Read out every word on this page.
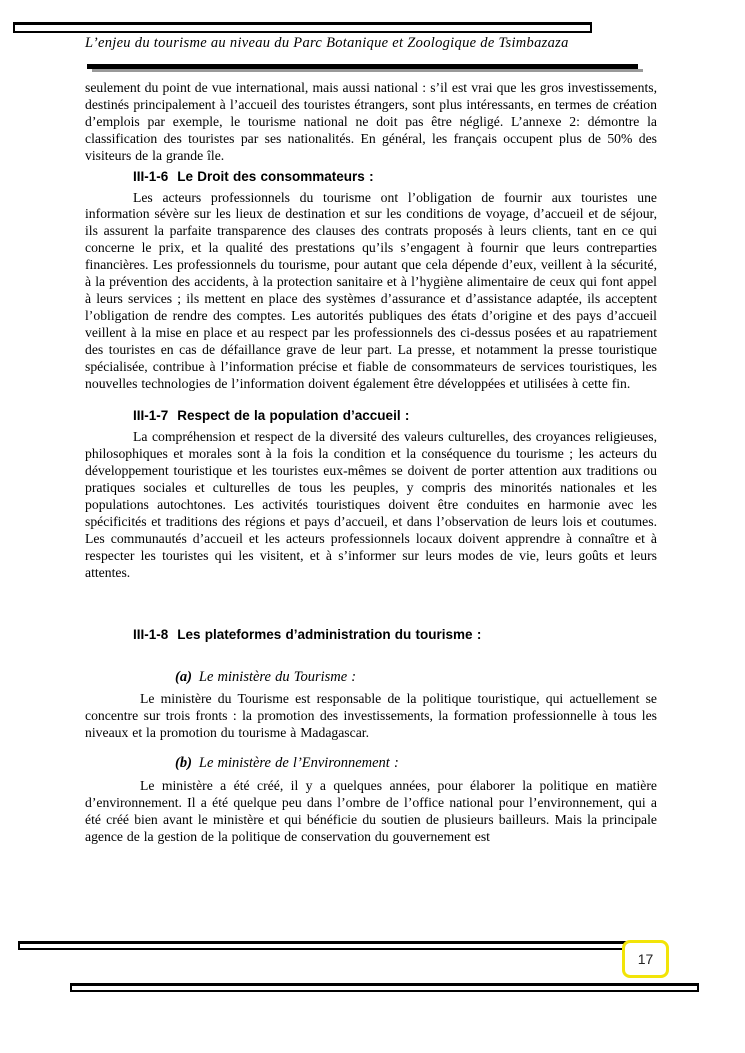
L’enjeu du tourisme au niveau du Parc Botanique et Zoologique de Tsimbazaza

seulement du point de vue international, mais aussi national : s’il est vrai que les gros investissements, destinés principalement à l’accueil des touristes étrangers, sont plus intéressants, en termes de création d’emplois par exemple, le tourisme national ne doit pas être négligé. L’annexe 2: démontre la classification des touristes par ses nationalités. En général, les français occupent plus de 50% des visiteurs de la grande île.

III-1-6 Le Droit des consommateurs :

Les acteurs professionnels du tourisme ont l’obligation de fournir aux touristes une information sévère sur les lieux de destination et sur les conditions de voyage, d’accueil et de séjour, ils assurent la parfaite transparence des clauses des contrats proposés à leurs clients, tant en ce qui concerne le prix, et la qualité des prestations qu’ils s’engagent à fournir que leurs contreparties financières. Les professionnels du tourisme, pour autant que cela dépende d’eux, veillent à la sécurité, à la prévention des accidents, à la protection sanitaire et à l’hygiène alimentaire de ceux qui font appel à leurs services ; ils mettent en place des systèmes d’assurance et d’assistance adaptée, ils acceptent l’obligation de rendre des comptes. Les autorités publiques des états d’origine et des pays d’accueil veillent à la mise en place et au respect par les professionnels des ci-dessus posées et au rapatriement des touristes en cas de défaillance grave de leur part. La presse, et notamment la presse touristique spécialisée, contribue à l’information précise et fiable de consommateurs de services touristiques, les nouvelles technologies de l’information doivent également être développées et utilisées à cette fin.

III-1-7 Respect de la population d’accueil :

La compréhension et respect de la diversité des valeurs culturelles, des croyances religieuses, philosophiques et morales sont à la fois la condition et la conséquence du tourisme ; les acteurs du développement touristique et les touristes eux-mêmes se doivent de porter attention aux traditions ou pratiques sociales et culturelles de tous les peuples, y compris des minorités nationales et les populations autochtones. Les activités touristiques doivent être conduites en harmonie avec les spécificités et traditions des régions et pays d’accueil, et dans l’observation de leurs lois et coutumes. Les communautés d’accueil et les acteurs professionnels locaux doivent apprendre à connaître et à respecter les touristes qui les visitent, et à s’informer sur leurs modes de vie, leurs goûts et leurs attentes.

III-1-8 Les plateformes d’administration du tourisme :
(a) Le ministère du Tourisme :

Le ministère du Tourisme est responsable de la politique touristique, qui actuellement se concentre sur trois fronts : la promotion des investissements, la formation professionnelle à tous les niveaux et la promotion du tourisme à Madagascar.

(b) Le ministère de l’Environnement :

Le ministère a été créé, il y a quelques années, pour élaborer la politique en matière d’environnement. Il a été quelque peu dans l’ombre de l’office national pour l’environnement, qui a été créé bien avant le ministère et qui bénéficie du soutien de plusieurs bailleurs. Mais la principale agence de la gestion de la politique de conservation du gouvernement est

17
